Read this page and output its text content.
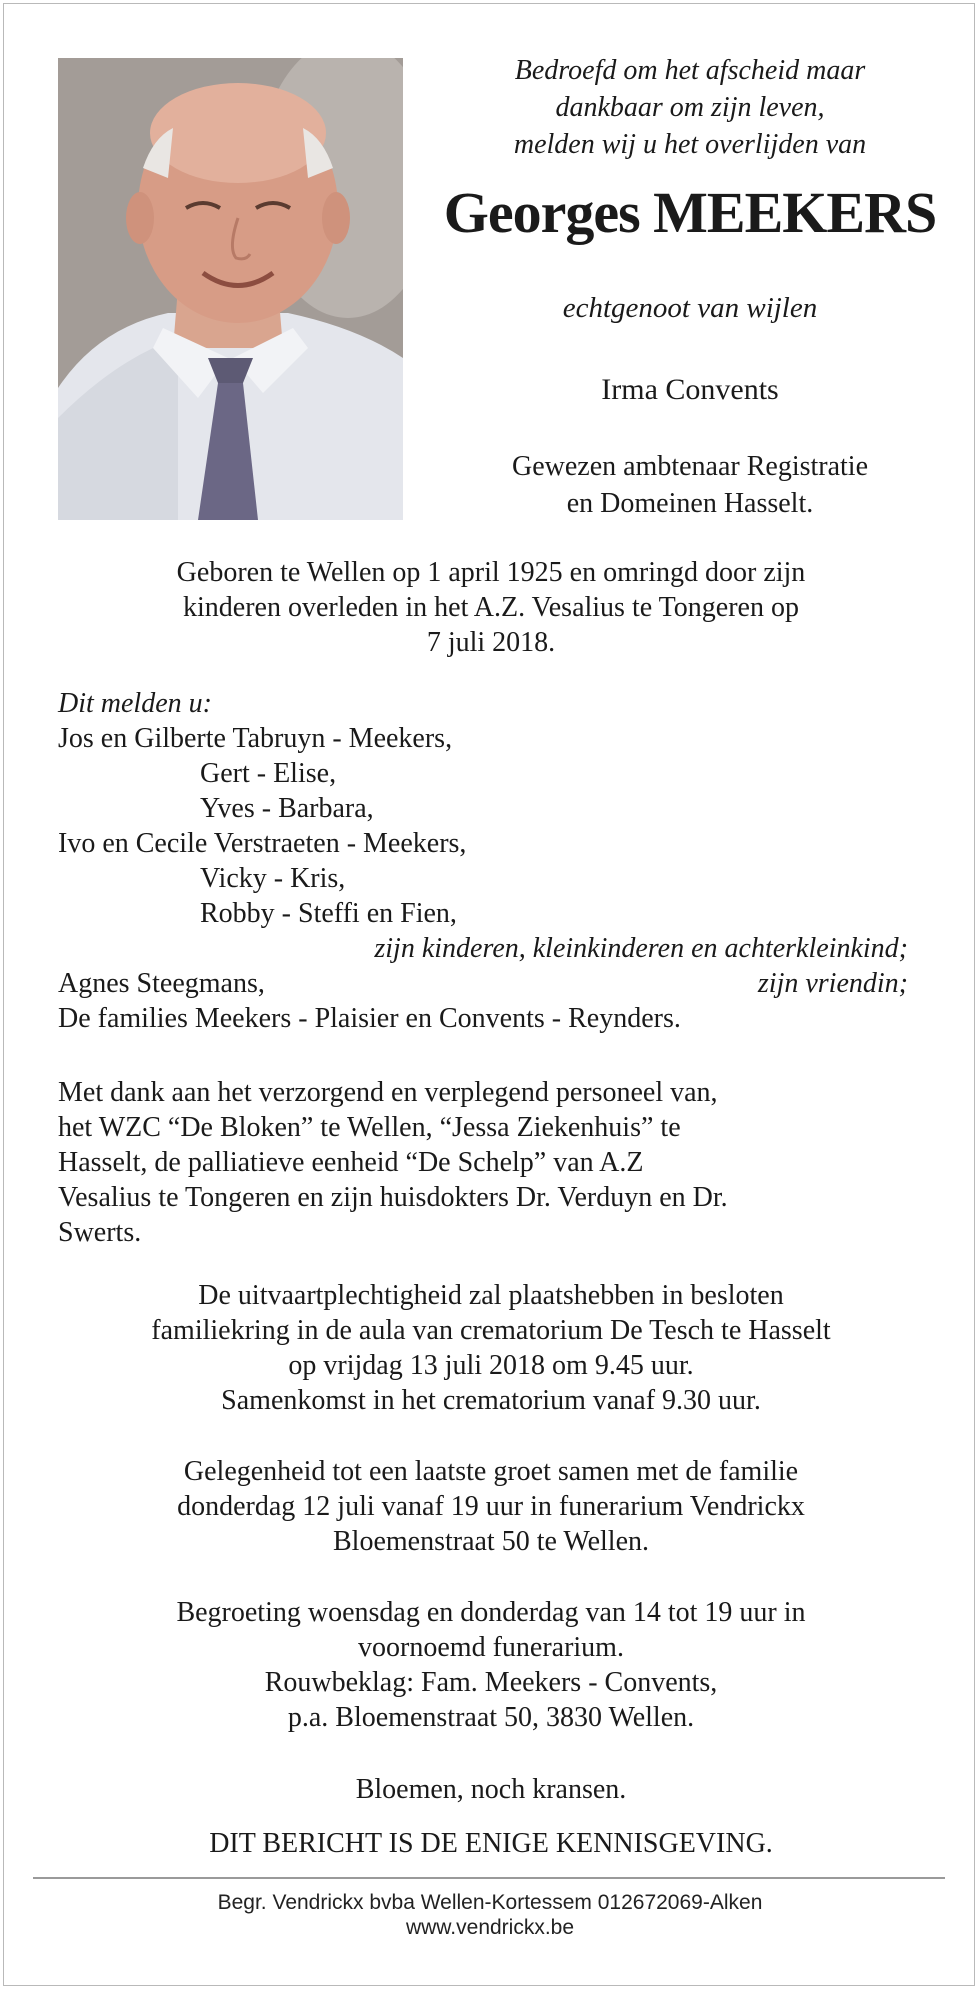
Bedroefd om het afscheid maar
dankbaar om zijn leven,
melden wij u het overlijden van
Georges MEEKERS
echtgenoot van wijlen
Irma Convents
Gewezen ambtenaar Registratie
en Domeinen Hasselt.
Geboren te Wellen op 1 april 1925 en omringd door zijn
kinderen overleden in het A.Z. Vesalius te Tongeren op
7 juli 2018.
Dit melden u:
Jos en Gilberte Tabruyn - Meekers,
Gert - Elise,
Yves - Barbara,
Ivo en Cecile Verstraeten - Meekers,
Vicky - Kris,
Robby - Steffi en Fien,
zijn kinderen, kleinkinderen en achterkleinkind;
Agnes Steegmans,	zijn vriendin;
De families Meekers - Plaisier en Convents - Reynders.
Met dank aan het verzorgend en verplegend personeel van,
het WZC “De Bloken” te Wellen, “Jessa Ziekenhuis” te
Hasselt, de palliatieve eenheid “De Schelp” van A.Z
Vesalius te Tongeren en zijn huisdokters Dr. Verduyn en Dr.
Swerts.
De uitvaartplechtigheid zal plaatshebben in besloten
familiekring in de aula van crematorium De Tesch te Hasselt
op vrijdag 13 juli 2018 om 9.45 uur.
Samenkomst in het crematorium vanaf 9.30 uur.
Gelegenheid tot een laatste groet samen met de familie
donderdag 12 juli vanaf 19 uur in funerarium Vendrickx
Bloemenstraat 50 te Wellen.
Begroeting woensdag en donderdag van 14 tot 19 uur in
voornoemd funerarium.
Rouwbeklag: Fam. Meekers - Convents,
p.a. Bloemenstraat 50, 3830 Wellen.
Bloemen, noch kransen.
DIT BERICHT IS DE ENIGE KENNISGEVING.
Begr. Vendrickx bvba Wellen-Kortessem 012672069-Alken
www.vendrickx.be
